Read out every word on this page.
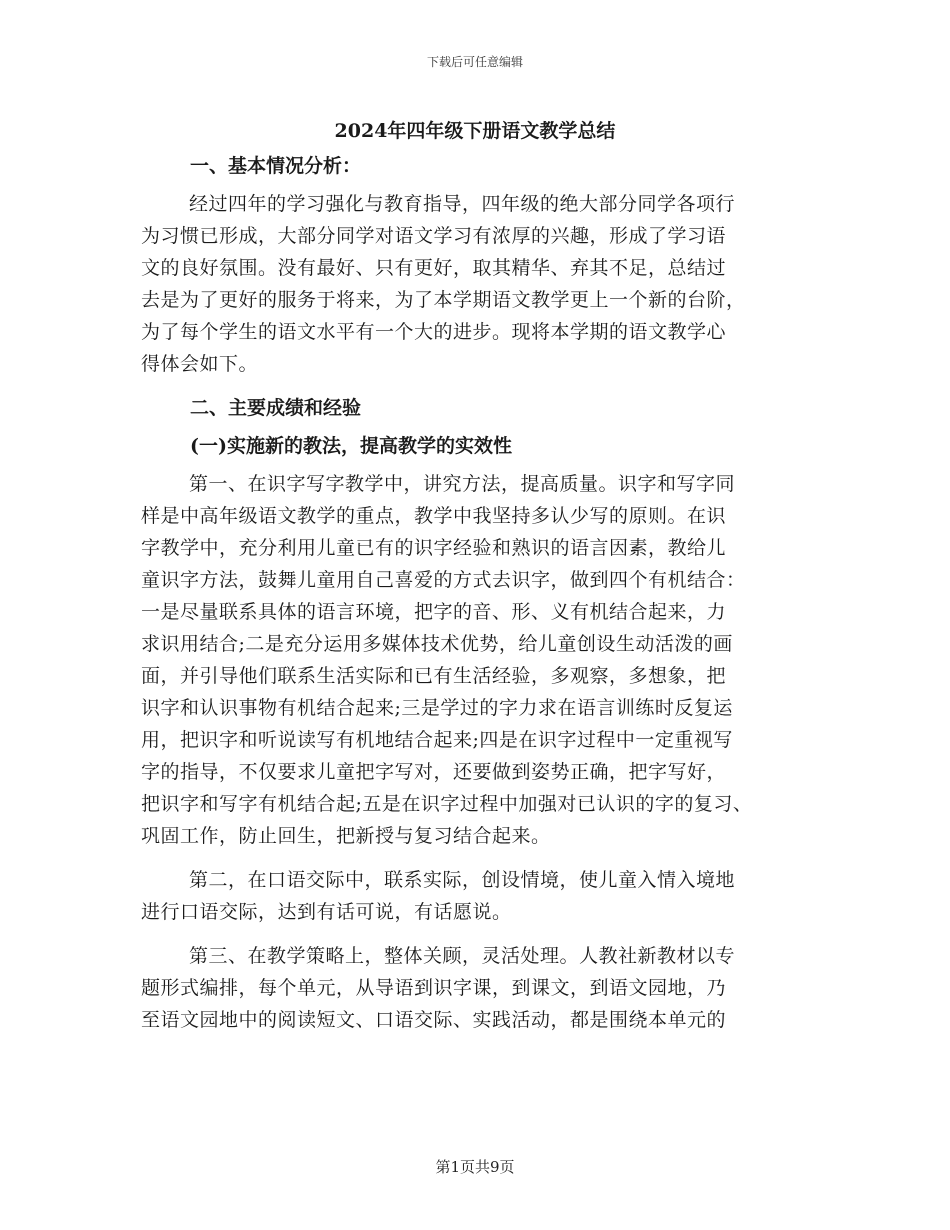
下载后可任意编辑
2024年四年级下册语文教学总结
一、基本情况分析：
经过四年的学习强化与教育指导，四年级的绝大部分同学各项行
为习惯已形成，大部分同学对语文学习有浓厚的兴趣，形成了学习语
文的良好氛围。没有最好、只有更好，取其精华、弃其不足，总结过
去是为了更好的服务于将来，为了本学期语文教学更上一个新的台阶，
为了每个学生的语文水平有一个大的进步。现将本学期的语文教学心
得体会如下。
二、主要成绩和经验
(一)实施新的教法，提高教学的实效性
第一、在识字写字教学中，讲究方法，提高质量。识字和写字同
样是中高年级语文教学的重点，教学中我坚持多认少写的原则。在识
字教学中，充分利用儿童已有的识字经验和熟识的语言因素，教给儿
童识字方法，鼓舞儿童用自己喜爱的方式去识字，做到四个有机结合：
一是尽量联系具体的语言环境，把字的音、形、义有机结合起来，力
求识用结合;二是充分运用多媒体技术优势，给儿童创设生动活泼的画
面，并引导他们联系生活实际和已有生活经验，多观察，多想象，把
识字和认识事物有机结合起来;三是学过的字力求在语言训练时反复运
用，把识字和听说读写有机地结合起来;四是在识字过程中一定重视写
字的指导，不仅要求儿童把字写对，还要做到姿势正确，把字写好，
把识字和写字有机结合起;五是在识字过程中加强对已认识的字的复习、
巩固工作，防止回生，把新授与复习结合起来。
第二，在口语交际中，联系实际，创设情境，使儿童入情入境地
进行口语交际，达到有话可说，有话愿说。
第三、在教学策略上，整体关顾，灵活处理。人教社新教材以专
题形式编排，每个单元，从导语到识字课，到课文，到语文园地，乃
至语文园地中的阅读短文、口语交际、实践活动，都是围绕本单元的
第1页共9页
